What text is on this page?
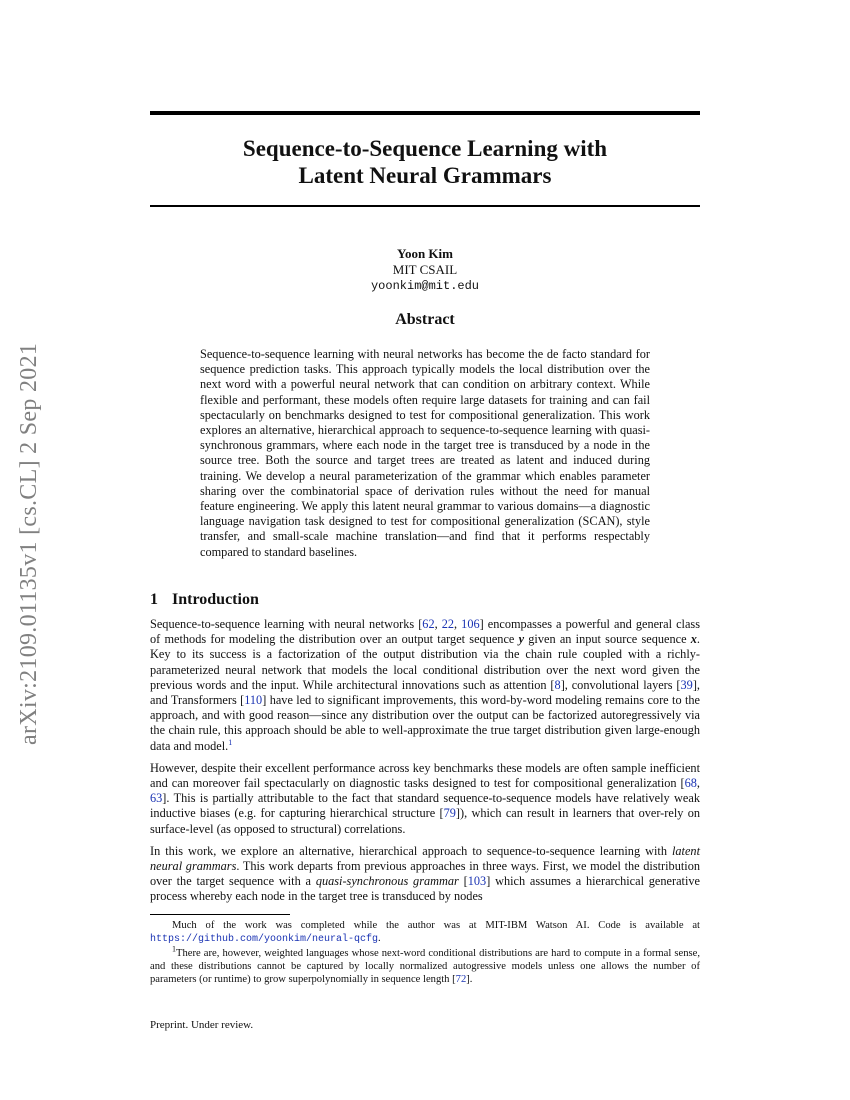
arXiv:2109.01135v1 [cs.CL] 2 Sep 2021
Sequence-to-Sequence Learning with
Latent Neural Grammars
Yoon Kim
MIT CSAIL
yoonkim@mit.edu
Abstract
Sequence-to-sequence learning with neural networks has become the de facto standard for sequence prediction tasks. This approach typically models the local distribution over the next word with a powerful neural network that can condition on arbitrary context. While flexible and performant, these models often require large datasets for training and can fail spectacularly on benchmarks designed to test for compositional generalization. This work explores an alternative, hierarchical approach to sequence-to-sequence learning with quasi-synchronous grammars, where each node in the target tree is transduced by a node in the source tree. Both the source and target trees are treated as latent and induced during training. We develop a neural parameterization of the grammar which enables parameter sharing over the combinatorial space of derivation rules without the need for manual feature engineering. We apply this latent neural grammar to various domains—a diagnostic language navigation task designed to test for compositional generalization (SCAN), style transfer, and small-scale machine translation—and find that it performs respectably compared to standard baselines.
1 Introduction

Sequence-to-sequence learning with neural networks [62, 22, 106] encompasses a powerful and general class of methods for modeling the distribution over an output target sequence y given an input source sequence x. Key to its success is a factorization of the output distribution via the chain rule coupled with a richly-parameterized neural network that models the local conditional distribution over the next word given the previous words and the input. While architectural innovations such as attention [8], convolutional layers [39], and Transformers [110] have led to significant improvements, this word-by-word modeling remains core to the approach, and with good reason—since any distribution over the output can be factorized autoregressively via the chain rule, this approach should be able to well-approximate the true target distribution given large-enough data and model.$^1$

However, despite their excellent performance across key benchmarks these models are often sample inefficient and can moreover fail spectacularly on diagnostic tasks designed to test for compositional generalization [68, 63]. This is partially attributable to the fact that standard sequence-to-sequence models have relatively weak inductive biases (e.g. for capturing hierarchical structure [79]), which can result in learners that over-rely on surface-level (as opposed to structural) correlations.

In this work, we explore an alternative, hierarchical approach to sequence-to-sequence learning with latent neural grammars. This work departs from previous approaches in three ways. First, we model the distribution over the target sequence with a quasi-synchronous grammar [103] which assumes a hierarchical generative process whereby each node in the target tree is transduced by nodes

Much of the work was completed while the author was at MIT-IBM Watson AI. Code is available at https://github.com/yoonkim/neural-qcfg.

$^1$There are, however, weighted languages whose next-word conditional distributions are hard to compute in a formal sense, and these distributions cannot be captured by locally normalized autogressive models unless one allows the number of parameters (or runtime) to grow superpolynomially in sequence length [72].

Preprint. Under review.
